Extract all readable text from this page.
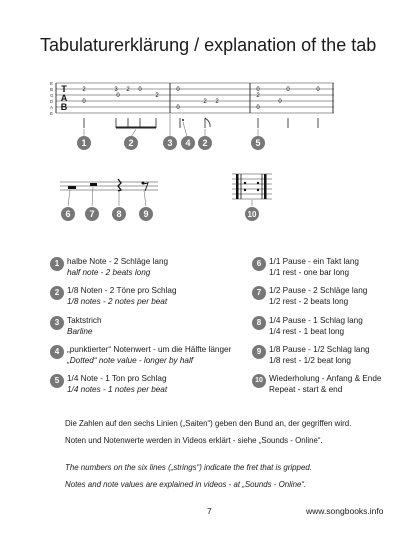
Tabulaturerklärung / explanation of the tab
E
B
G
D
A
E
T
A
B
2
0
3 2 0
0	2
0
0
2 2
0
2
0
0	0
0
1	2	3 4 2	5
6 7 8 9	10
1 halbe Note - 2 Schläge lang
half note - 2 beats long
2 1/8 Noten - 2 Töne pro Schlag
1/8 notes - 2 notes per beat
3 Taktstrich
Barline
4 „punktierter“ Notenwert - um die Hälfte länger
„Dotted“ note value - longer by half
5 1/4 Note - 1 Ton pro Schlag
1/4 notes - 1 notes per beat
6 1/1 Pause - ein Takt lang
1/1 rest - one bar long
7 1/2 Pause - 2 Schläge lang
1/2 rest - 2 beats long
8 1/4 Pause - 1 Schlag lang
1/4 rest - 1 beat long
9 1/8 Pause - 1/2 Schlag lang
1/8 rest - 1/2 beat long
10 Wiederholung - Anfang & Ende
Repeat - start & end

Die Zahlen auf den sechs Linien („Saiten“) geben den Bund an, der gegriffen wird.

Noten und Notenwerte werden in Videos erklärt - siehe „Sounds - Online“.

The numbers on the six lines („strings“) indicate the fret that is gripped.

Notes and note values are explained in videos - at „Sounds - Online“.

7	www.songbooks.info
